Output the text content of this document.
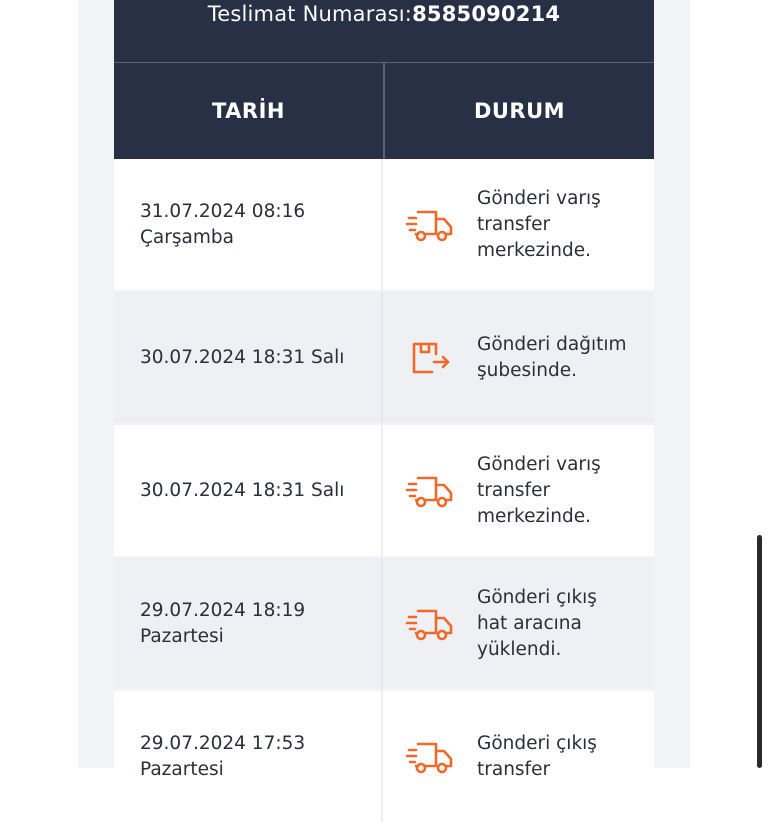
Teslimat Numarası: 8585090214
TARİH	DURUM
31.07.2024 08:16 Çarşamba
Gönderi varış transfer merkezinde.
30.07.2024 18:31 Salı
Gönderi dağıtım şubesinde.
30.07.2024 18:31 Salı
Gönderi varış transfer merkezinde.
29.07.2024 18:19 Pazartesi
Gönderi çıkış hat aracına yüklendi.
29.07.2024 17:53 Pazartesi
Gönderi çıkış transfer
